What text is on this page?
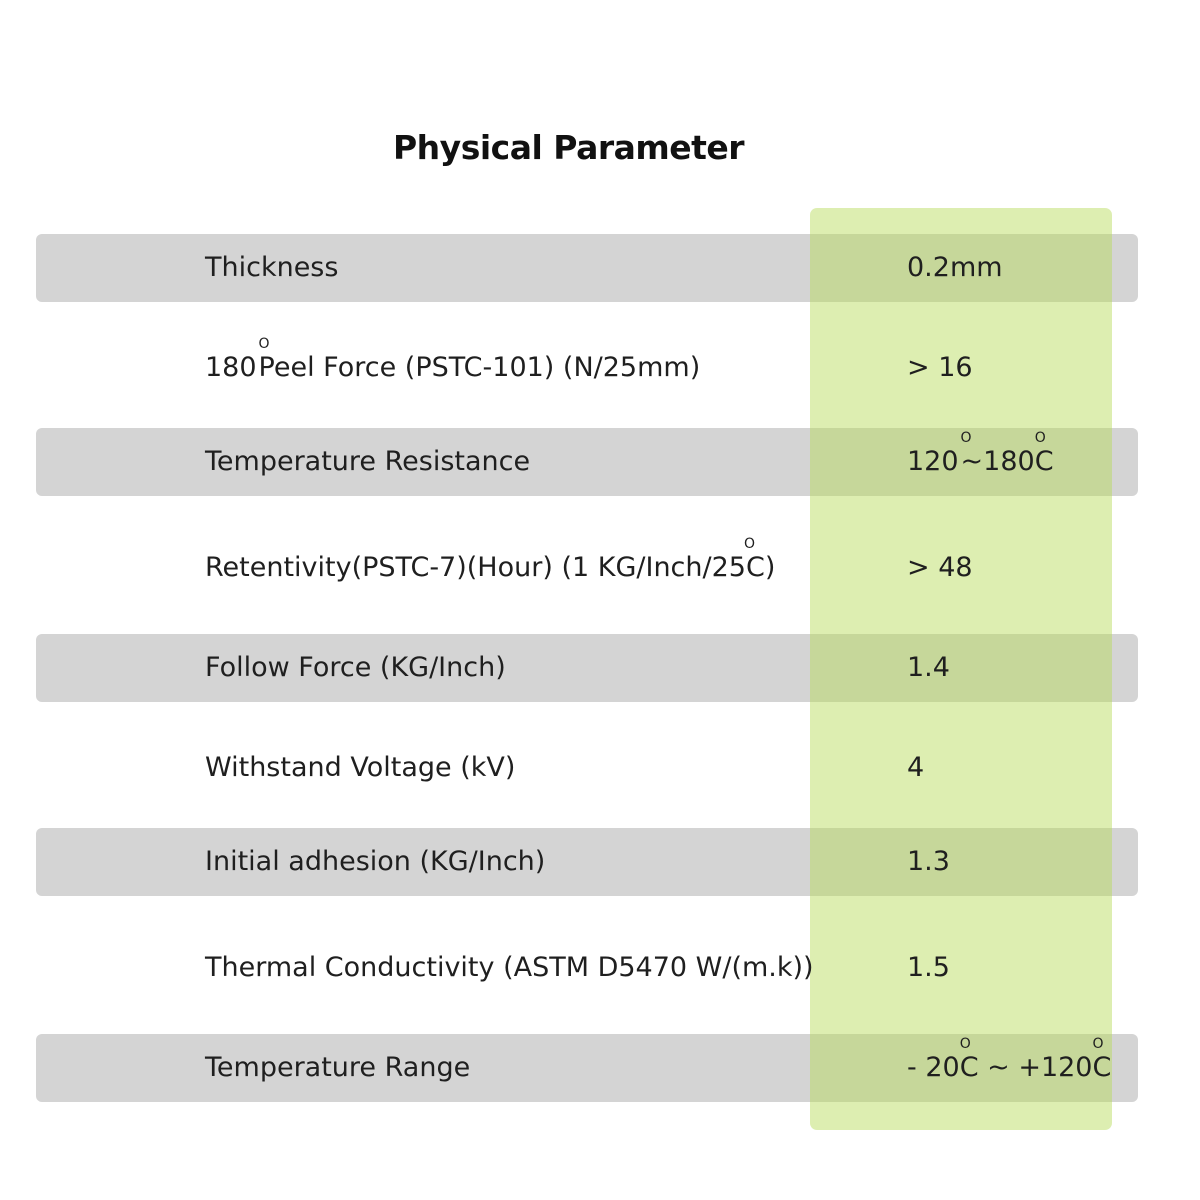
Physical Parameter
Thickness	0.2mm
180OPeel Force (PSTC-101) (N/25mm)	> 16
Temperature Resistance	120O~180OC
Retentivity(PSTC-7)(Hour) (1 KG/Inch/25OC)	> 48
Follow Force (KG/Inch)	1.4
Withstand Voltage (kV)	4
Initial adhesion (KG/Inch)	1.3
Thermal Conductivity (ASTM D5470 W/(m.k))	1.5
Temperature Range	- 20OC ~ +120OC
